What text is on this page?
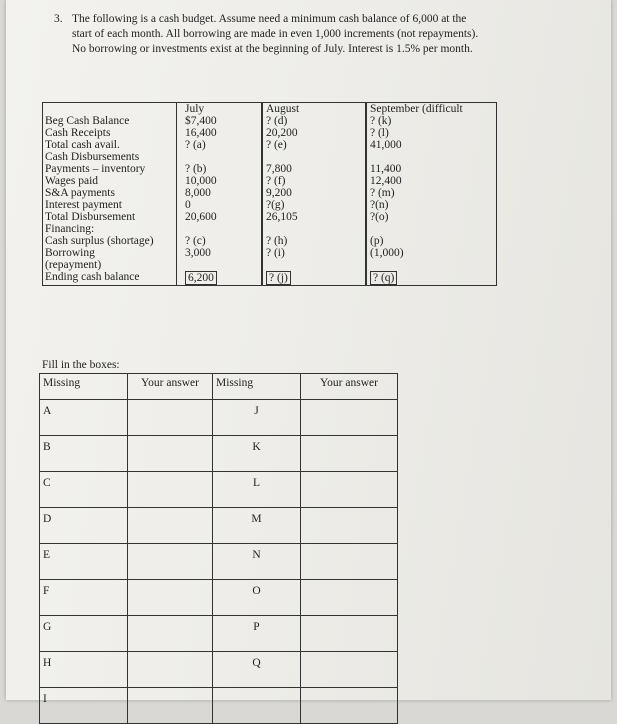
3. The following is a cash budget. Assume need a minimum cash balance of 6,000 at the
start of each month. All borrowing are made in even 1,000 increments (not repayments).
No borrowing or investments exist at the beginning of July. Interest is 1.5% per month.
	July		August		September (difficult
Beg Cash Balance	$7,400		? (d)		? (k)
Cash Receipts	16,400		20,200		? (l)
Total cash avail.	? (a)		? (e)		41,000
Cash Disbursements					
Payments – inventory	? (b)		7,800		11,400
Wages paid	10,000		? (f)		12,400
S&A payments	8,000		9,200		? (m)
Interest payment	0		?(g)		?(n)
Total Disbursement	20,600		26,105		?(o)
Financing:					
Cash surplus (shortage)	? (c)		? (h)		(p)
Borrowing	3,000		? (i)		(1,000)
(repayment)					
Ending cash balance	6,200		? (j)		? (q)
Fill in the boxes:
Missing	Your answer	Missing	Your answer
A		J	
B		K	
C		L	
D		M	
E		N	
F		O	
G		P	
H		Q	
I			
